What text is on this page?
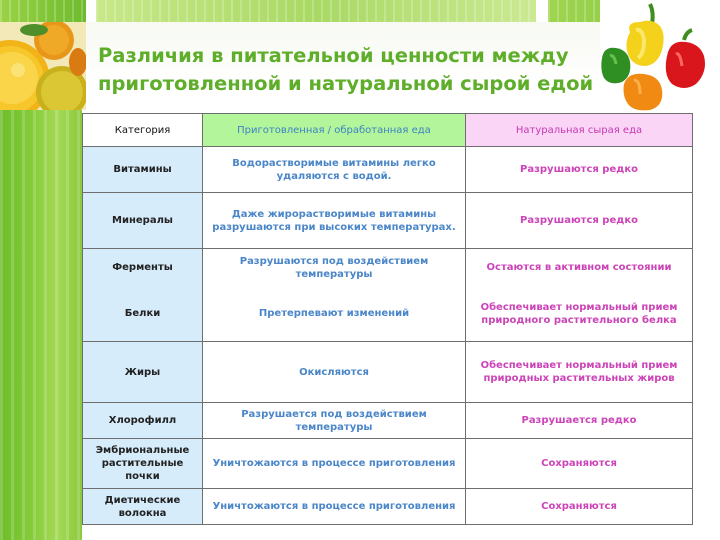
Различия в питательной ценности между
приготовленной и натуральной сырой едой
Категория	Приготовленная / обработанная еда	Натуральная сырая еда
Витамины	Водорастворимые витамины легко удаляются с водой.	Разрушаются редко
Минералы	Даже жирорастворимые витамины разрушаются при высоких температурах.	Разрушаются редко
Ферменты	Разрушаются под воздействием температуры	Остаются в активном состоянии
Белки	Претерпевают изменений	Обеспечивает нормальный прием природного растительного белка
Жиры	Окисляются	Обеспечивает нормальный прием природных растительных жиров
Хлорофилл	Разрушается под воздействием температуры	Разрушается редко
Эмбриональные растительные почки	Уничтожаются в процессе приготовления	Сохраняются
Диетические волокна	Уничтожаются в процессе приготовления	Сохраняются
